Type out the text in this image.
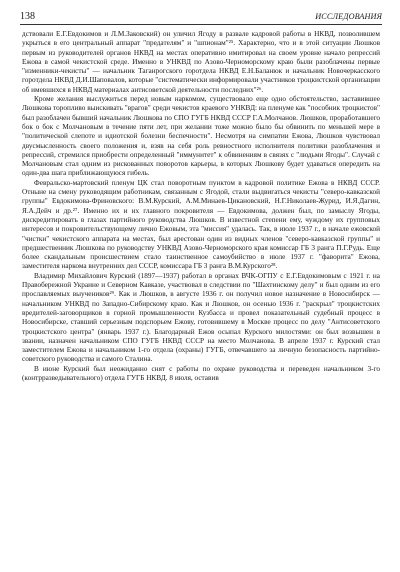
138	ИССЛЕДОВАНИЯ

дствовали Е.Г.Евдокимов и Л.М.Заковский) он уличил Ягоду в развале кадровой работы в НКВД, позволившем укрыться в его центральный аппарат "предателям" и "шпионам"²⁵. Характерно, что и в этой ситуации Люшков первым из руководителей органов НКВД на местах оперативно имитировал на своем уровне начало репрессий Ежова в самой чекистской среде. Именно в УНКВД по Азово-Черноморскому краю были разоблачены первые "изменники-чекисты" — начальник Таганрогского горотдела НКВД Е.Н.Баланюк и начальник Новочеркасского горотдела НКВД Д.И.Шаповалов, которые "систематически информировали участников троцкистской организации об имевшихся в НКВД материалах антисоветской деятельности последних"²⁶.

Кроме желания выслужиться перед новым наркомом, существовало еще одно обстоятельство, заставившее Люшкова торопливо выискивать "врагов" среди чекистов краевого УНКВД: на пленуме как "пособник троцкистов" был разоблачен бывший начальник Люшкова по СПО ГУГБ НКВД СССР Г.А.Молчанов. Люшков, проработавшего бок о бок с Молчановым в течение пяти лет, при желании тоже можно было бы обвинить по меньшей мере в "политической слепоте и идиотской болезни беспечности". Несмотря на симпатии Ежова, Люшков чувствовал двусмысленность своего положения и, взяв на себя роль ревностного исполнителя политики разоблачения и репрессий, стремился приобрести определенный "иммунитет" к обвинениям в связях с "людьми Ягоды". Случай с Молчановым стал одним из рискованных поворотов карьеры, в которых Люшкову будет удаваться опередить на один-два шага приближающуюся гибель.

Февральско-мартовский пленум ЦК стал поворотным пунктом в кадровой политике Ежова в НКВД СССР. Отныне на смену руководящим работникам, связанным с Ягодой, стали выдвигаться чекисты "северо-кавказской группы" Евдокимова-Фриновского: В.М.Курский, А.М.Минаев-Цикановский, Н.Г.Николаев-Журид, И.Я.Дагин, Я.А.Дейч и др.²⁷. Именно их и их главного покровителя — Евдокимова, должен был, по замыслу Ягоды, дискредитировать в глазах партийного руководства Люшков. В известной степени ему, чуждому их групповых интересов и покровительствующему лично Ежовым, эта "миссия" удалась. Так, в июле 1937 г., в начале ежовской "чистки" чекистского аппарата на местах, был арестован один из видных членов "северо-кавказской группы" и предшественник Люшкова по руководству УНКВД Азово-Черноморского края комиссар ГБ 3 ранга П.Г.Рудь. Еще более скандальным происшествием стало таинственное самоубийство в июле 1937 г. "фаворита" Ежова, заместителя наркома внутренних дел СССР, комиссара ГБ 3 ранга В.М.Курского²⁸.

Владимир Михайлович Курский (1897—1937) работал в органах ВЧК-ОГПУ с Е.Г.Евдокимовым с 1921 г. на Правобережной Украине и Северном Кавказе, участвовал в следствии по "Шахтинскому делу" и был одним из его прославляемых выучеников²⁹. Как и Люшков, в августе 1936 г. он получил новое назначение в Новосибирск — начальником УНКВД по Западно-Сибирскому краю. Как и Люшков, он осенью 1936 г. "раскрыл" троцкистских вредителей-заговорщиков в горной промышленности Кузбасса и провел показательный судебный процесс в Новосибирске, ставший серьезным подспорьем Ежову, готовившему в Москве процесс по делу "Антисоветского троцкистского центра" (январь 1937 г.). Благодарный Ежов осыпал Курского милостями: он был возвышен в звании, назначен начальником СПО ГУГБ НКВД СССР на место Молчанова. В апреле 1937 г. Курский стал заместителем Ежова и начальником 1-го отдела (охраны) ГУГБ, отвечавшего за личную безопасность партийно-советского руководства и самого Сталина.

В июне Курский был неожиданно снят с работы по охране руководства и переведен начальником 3-го (контрразведывательного) отдела ГУГБ НКВД. 8 июля, оставив
